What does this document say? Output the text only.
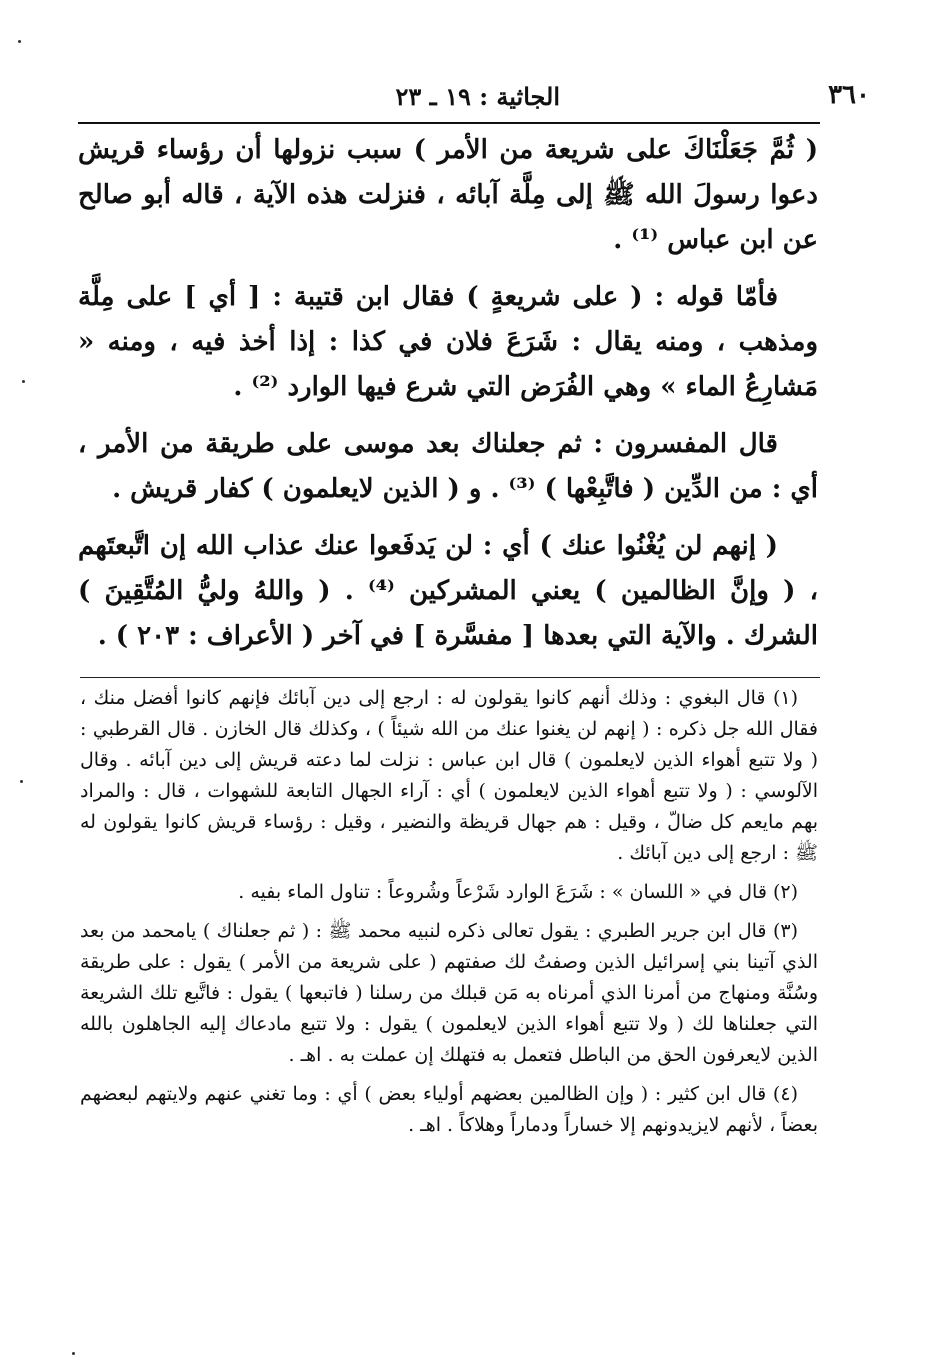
٣٦٠
الجاثية : ١٩ ـ ٢٣

( ثُمَّ جَعَلْنَاكَ على شريعة من الأمر ) سبب نزولها أن رؤساء قريش دعوا رسولَ الله ﷺ إلى مِلَّة آبائه ، فنزلت هذه الآية ، قاله أبو صالح عن ابن عباس ⁽¹⁾ .

فأمّا قوله : ( على شريعةٍ ) فقال ابن قتيبة : [ أي ] على مِلَّة ومذهب ، ومنه يقال : شَرَعَ فلان في كذا : إذا أخذ فيه ، ومنه « مَشارِعُ الماء » وهي الفُرَض التي شرع فيها الوارد ⁽²⁾ .

قال المفسرون : ثم جعلناك بعد موسى على طريقة من الأمر ، أي : من الدِّين ( فاتَّبِعْها ) ⁽³⁾ . و ( الذين لايعلمون ) كفار قريش .

( إنهم لن يُغْنُوا عنك ) أي : لن يَدفَعوا عنك عذاب الله إن اتَّبعتَهم ، ( وإنَّ الظالمين ) يعني المشركين ⁽⁴⁾ . ( واللهُ وليُّ المُتَّقِينَ ) الشرك . والآية التي بعدها [ مفسَّرة ] في آخر ( الأعراف : ٢٠٣ ) .

(١) قال البغوي : وذلك أنهم كانوا يقولون له : ارجع إلى دين آبائك فإنهم كانوا أفضل منك ، فقال الله جل ذكره : ( إنهم لن يغنوا عنك من الله شيئاً ) ، وكذلك قال الخازن . قال القرطبي : ( ولا تتبع أهواء الذين لايعلمون ) قال ابن عباس : نزلت لما دعته قريش إلى دين آبائه . وقال الآلوسي : ( ولا تتبع أهواء الذين لايعلمون ) أي : آراء الجهال التابعة للشهوات ، قال : والمراد بهم مايعم كل ضالّ ، وقيل : هم جهال قريظة والنضير ، وقيل : رؤساء قريش كانوا يقولون له ﷺ : ارجع إلى دين آبائك .

(٢) قال في « اللسان » : شَرَعَ الوارد شَرْعاً وشُروعاً : تناول الماء بفيه .

(٣) قال ابن جرير الطبري : يقول تعالى ذكره لنبيه محمد ﷺ : ( ثم جعلناك ) يامحمد من بعد الذي آتينا بني إسرائيل الذين وصفتُ لك صفتهم ( على شريعة من الأمر ) يقول : على طريقة وسُنَّة ومنهاج من أمرنا الذي أمرناه به مَن قبلك من رسلنا ( فاتبعها ) يقول : فاتَّبع تلك الشريعة التي جعلناها لك ( ولا تتبع أهواء الذين لايعلمون ) يقول : ولا تتبع مادعاك إليه الجاهلون بالله الذين لايعرفون الحق من الباطل فتعمل به فتهلك إن عملت به . اهـ .

(٤) قال ابن كثير : ( وإن الظالمين بعضهم أولياء بعض ) أي : وما تغني عنهم ولايتهم لبعضهم بعضاً ، لأنهم لايزيدونهم إلا خساراً ودماراً وهلاكاً . اهـ .
